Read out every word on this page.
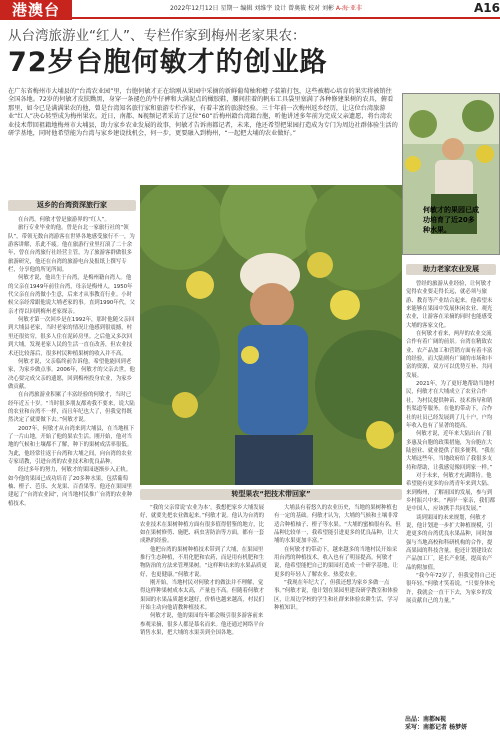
港澳台	2022年12月12日 星期一 编辑 刘维宇 设计 曾奥筱 校对 刘彬 A-海·亚非	A16
从台湾旅游业“红人”、专栏作家到梅州老家果农：
72岁台胞何敏才的创业路
在广东省梅州市大埔县的“台湾农业园”里，台胞何敏才正在给刚从果园中采摘的新鲜葡萄柚和橙子装箱打包，这些被精心培育的果实将被销往全国各地。72岁的何敏才皮肤黝黑，身穿一条褪色的牛仔裤和大满泥点的橄胶鞋，腰间挂着的帆布工具袋里塞满了各种修建果树的农具，俯看那里，如今已是满满果农的他，曾是台湾知名旅行家和旅游专栏作家，有着丰富的旅游经验。三十年前一次梅州返乡经历，让这位台湾旅游业“红人”决心转型成为梅州果农。近日，南都、N视频记者采访了这位“60”后梅州籍台湾籍台胞，听他讲述多年前为完成父亲遗愿，将台湾农业技术带回祖籍地梅州市大埔县，助力家乡农业发展的故事，何敏才告诉南都记者，未来，他还希望把果园打造成为专门为周边社群体验生活的研学基地，同时他希望能为台湾与家乡建设找机会，何一步，更要融入到梅州，“一起把大埔的农业做好。”
何敏才的果园已成功培育了近20多种水果。
返乡的台湾资深旅行家

在台湾，何敏才曾是旅游界的“红人”。

旅行专业毕业的他，曾是台北一家旅行社的“领队”，带领无数台湾游客在世界各地感受旅行不一，为游客讲解，乐此不疲。他在旅游行业里打滚了二十余年，曾在台湾旅行社经营主管，为了旅游客群做很多旅游研究，他还在台湾的旅游电台及报纸上撰写专栏，分享他的所见所闻。

何敏才说，他出生于台湾，是梅州籍台湾人。他的父亲在1949年前往台湾，母亲是梅州人，1950年代父亲在台湾做小生意，后来才从事教育行业。小时候父亲经常跟他说大埔老家的事。直到1990年代，父亲才得以回到梅州老家探亲。

何敏才第一次回乡是在1992年，那时他随父亲回到大埔县老家，当时老家的情况让他感到很震撼，村里还很贫穷，很多人住在泥砖房里。之后他又多次回到大埔，发现老家人民的生活一直在改善，但农业技术还比较落后，很多村民种植果树的收入并不高。

何敏才说，父亲临终前告诉他，希望他能回到老家，为家乡做点事。2006年，何敏才的父亲去世，他决心要完成父亲的遗愿，回到梅州投身农业，为家乡做贡献。

在台湾旅游业积累了丰富经验的何敏才，当时已经年近五十岁。“当时很多朋友都劝我不要来，说大陆的农业和台湾不一样，而且年纪也大了，但我觉得既然决定了就要做下去。”何敏才说。

2007年，何敏才从台湾来到大埔县，在当地租下了一片山地，开始了他的果农生活。刚开始，他对当地的气候和土壤都不了解，种下的果树成活率很低。为此，他经常往返于台湾和大埔之间，向台湾的农业专家请教，引进台湾的农业技术和优良品种。

经过多年的努力，何敏才的果园逐渐步入正轨。如今他的果园已成功培育了20多种水果，包括葡萄柚、橙子、芭乐、火龙果、百香果等。他还在果园里建起了“台湾农业园”，向当地村民推广台湾的农业种植技术。

转型果农“把技术带回家”

“我的父亲常说‘农业为本’，我想把家乡大埔发展好，就要先把农业做起来。”何敏才说。他认为台湾的农业技术在果树种植方面有很多值得借鉴的地方，比如在果树修剪、施肥、病虫害防治等方面，都有一套成熟的经验。

他把台湾的果树种植技术带到了大埔，在果园里推行生态种植，不用化肥和农药，而是用有机肥和生物防治的方法来管理果树。“这样种出来的水果品质更好，也更健康。”何敏才说。

刚开始，当地村民对何敏才的做法并不理解，觉得这样种果树成本太高，产量也不高。但随着何敏才果园的水果品质越来越好，价格也越来越高，村民们开始主动向他请教种植技术。

何敏才说，他的果园每年都会吸引很多游客前来参观采摘，很多人都是慕名而来。他还通过网络平台销售水果，把大埔的水果卖到全国各地。

大埔县有着悠久的农业历史，当地的果树种植也有一定的基础。何敏才认为，大埔的气候和土壤非常适合种植柚子、橙子等水果。“大埔的蜜柚很有名，但品种比较单一，我希望能引进更多的优良品种，让大埔的水果更加丰富。”

在何敏才的带动下，越来越多的当地村民开始采用台湾的种植技术，收入也有了明显提高。何敏才说，他希望能把自己的果园打造成一个研学基地，让更多的年轻人了解农业、热爱农业。

“我现在年纪大了，但我还想为家乡多做一点事。”何敏才说，他计划在果园里建设研学教室和体验区，让周边学校的学生和社群来体验农耕生活，学习种植知识。

助力老家农业发展

曾经的旅游从业经验，让何敏才觉得农业要走得长远，就必须与旅游、教育等产业结合起来。他希望未来能够在果园中发展休闲农业、观光农业，让游客在采摘的同时也能感受大埔的客家文化。

在何敏才看来，两岸的农业交流合作有着广阔的前景。台湾在精致农业、农产品加工和营销方面有着丰富的经验，而大陆则有广阔的市场和丰富的资源，双方可以优势互补、共同发展。

2021年，为了更好地帮助当地村民，何敏才在大埔成立了农业合作社，为村民提供种苗、技术指导和销售渠道等服务。在他的带动下，合作社的社员已经发展到了几十户，户均年收入也有了显著的提高。

何敏才说，近年来大陆出台了很多惠及台胞的政策措施，为台胞在大陆创业、就业提供了很多便利。“我在大埔这些年，当地政府给了我很多支持和帮助，让我感觉像回到家一样。”

对于未来，何敏才充满期待。他希望能有更多的台湾青年来到大陆、来到梅州，了解祖国的发展，参与到乡村振兴中来。“两岸一家亲，我们都是中国人，应该携手共同发展。”

谈到果园的未来规划，何敏才说，他计划进一步扩大种植规模，引进更多的台湾优良水果品种，同时加强与当地高校和科研机构的合作，提高果园的科技含量。他还计划建设农产品加工厂，延长产业链，提高农产品的附加值。

“我今年72岁了，但我觉得自己还很年轻。”何敏才笑着说，“只要身体允许，我就会一直干下去，为家乡的发展贡献自己的力量。”

出品：南都N视
采写：南都记者 杨梦妍
